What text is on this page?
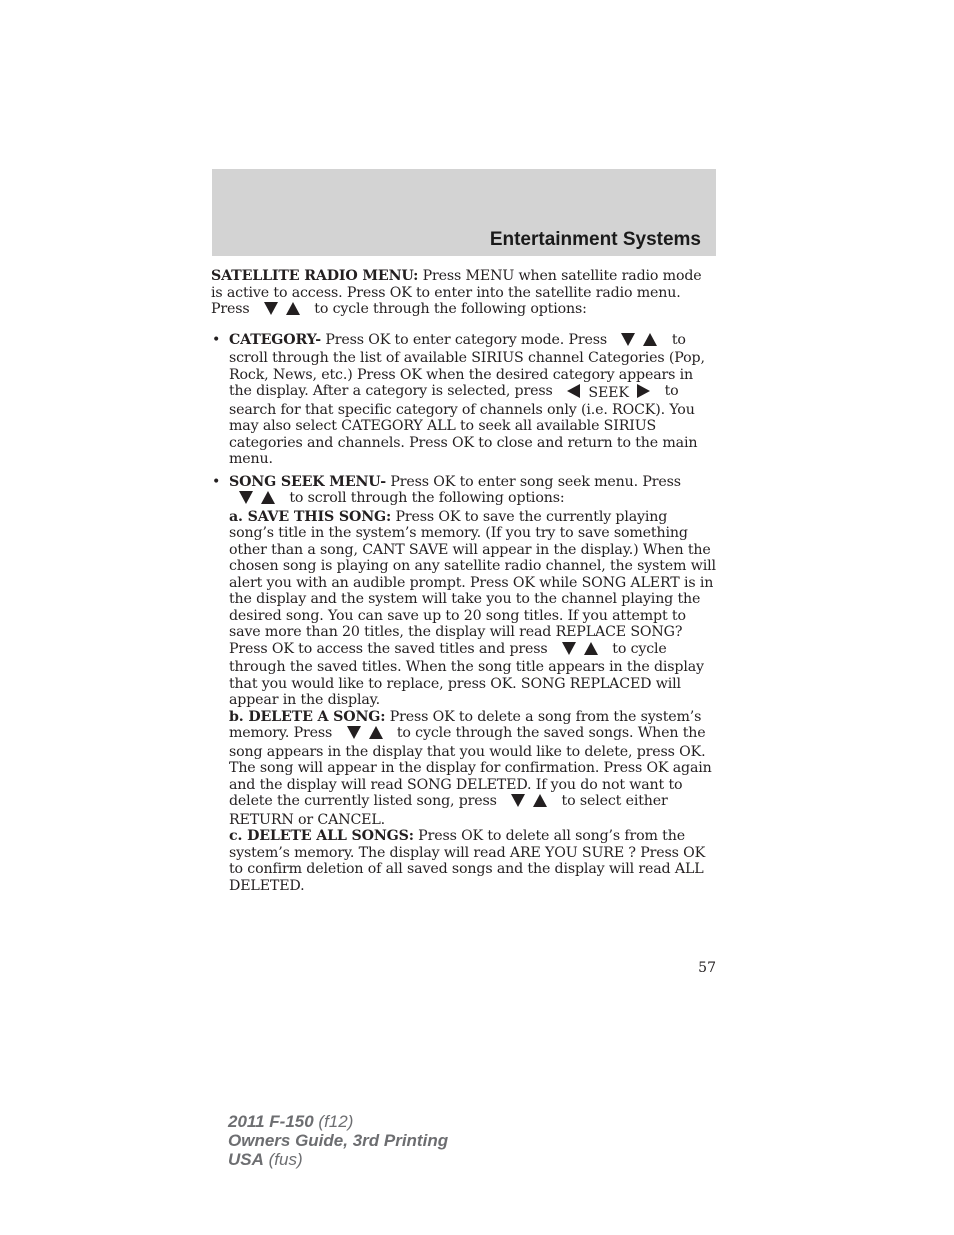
Entertainment Systems

SATELLITE RADIO MENU: Press MENU when satellite radio mode is active to access. Press OK to enter into the satellite radio menu. Press	to cycle through the following options:

• CATEGORY- Press OK to enter category mode. Press	to scroll through the list of available SIRIUS channel Categories (Pop, Rock, News, etc.) Press OK when the desired category appears in the display. After a category is selected, press	SEEK	to search for that specific category of channels only (i.e. ROCK). You may also select CATEGORY ALL to seek all available SIRIUS categories and channels. Press OK to close and return to the main menu.

• SONG SEEK MENU- Press OK to enter song seek menu. Press  to scroll through the following options:

a. SAVE THIS SONG: Press OK to save the currently playing song’s title in the system’s memory. (If you try to save something other than a song, CANT SAVE will appear in the display.) When the chosen song is playing on any satellite radio channel, the system will alert you with an audible prompt. Press OK while SONG ALERT is in the display and the system will take you to the channel playing the desired song. You can save up to 20 song titles. If you attempt to save more than 20 titles, the display will read REPLACE SONG? Press OK to access the saved titles and press	to cycle through the saved titles. When the song title appears in the display that you would like to replace, press OK. SONG REPLACED will appear in the display.

b. DELETE A SONG: Press OK to delete a song from the system’s memory. Press	to cycle through the saved songs. When the song appears in the display that you would like to delete, press OK. The song will appear in the display for confirmation. Press OK again and the display will read SONG DELETED. If you do not want to delete the currently listed song, press	to select either RETURN or CANCEL.

c. DELETE ALL SONGS: Press OK to delete all song’s from the system’s memory. The display will read ARE YOU SURE ? Press OK to confirm deletion of all saved songs and the display will read ALL DELETED.

57
2011 F-150 (f12)
Owners Guide, 3rd Printing
USA (fus)
